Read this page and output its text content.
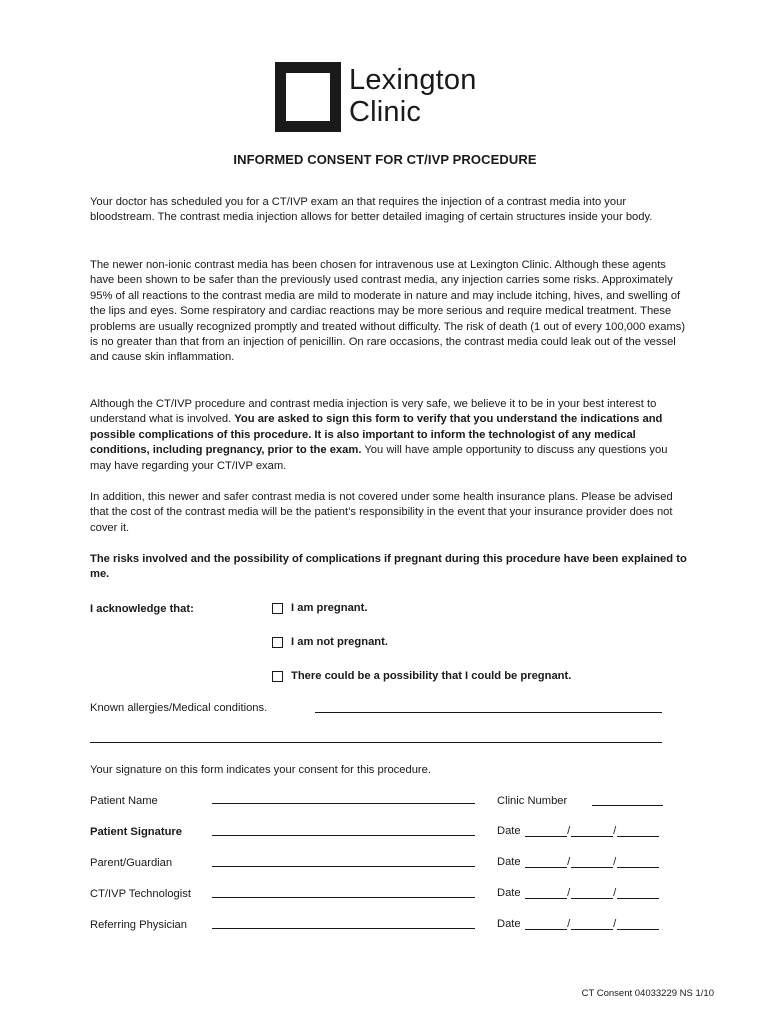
Lexington
Clinic
INFORMED CONSENT FOR CT/IVP PROCEDURE

Your doctor has scheduled you for a CT/IVP exam an that requires the injection of a contrast media into your bloodstream. The contrast media injection allows for better detailed imaging of certain structures inside your body.

The newer non-ionic contrast media has been chosen for intravenous use at Lexington Clinic. Although these agents have been shown to be safer than the previously used contrast media, any injection carries some risks. Approximately 95% of all reactions to the contrast media are mild to moderate in nature and may include itching, hives, and swelling of the lips and eyes. Some respiratory and cardiac reactions may be more serious and require medical treatment. These problems are usually recognized promptly and treated without difficulty. The risk of death (1 out of every 100,000 exams) is no greater than that from an injection of penicillin. On rare occasions, the contrast media could leak out of the vessel and cause skin inflammation.

Although the CT/IVP procedure and contrast media injection is very safe, we believe it to be in your best interest to understand what is involved. You are asked to sign this form to verify that you understand the indications and possible complications of this procedure. It is also important to inform the technologist of any medical conditions, including pregnancy, prior to the exam. You will have ample opportunity to discuss any questions you may have regarding your CT/IVP exam.

In addition, this newer and safer contrast media is not covered under some health insurance plans. Please be advised that the cost of the contrast media will be the patient’s responsibility in the event that your insurance provider does not cover it.

The risks involved and the possibility of complications if pregnant during this procedure have been explained to me.

I acknowledge that:	I am pregnant.
I am not pregnant.
There could be a possibility that I could be pregnant.
Known allergies/Medical conditions.
Your signature on this form indicates your consent for this procedure.
Patient Name	Clinic Number
Patient Signature	Date	/	/
Parent/Guardian	Date	/	/
CT/IVP Technologist	Date	/	/
Referring Physician	Date	/	/
CT Consent 04033229 NS 1/10
